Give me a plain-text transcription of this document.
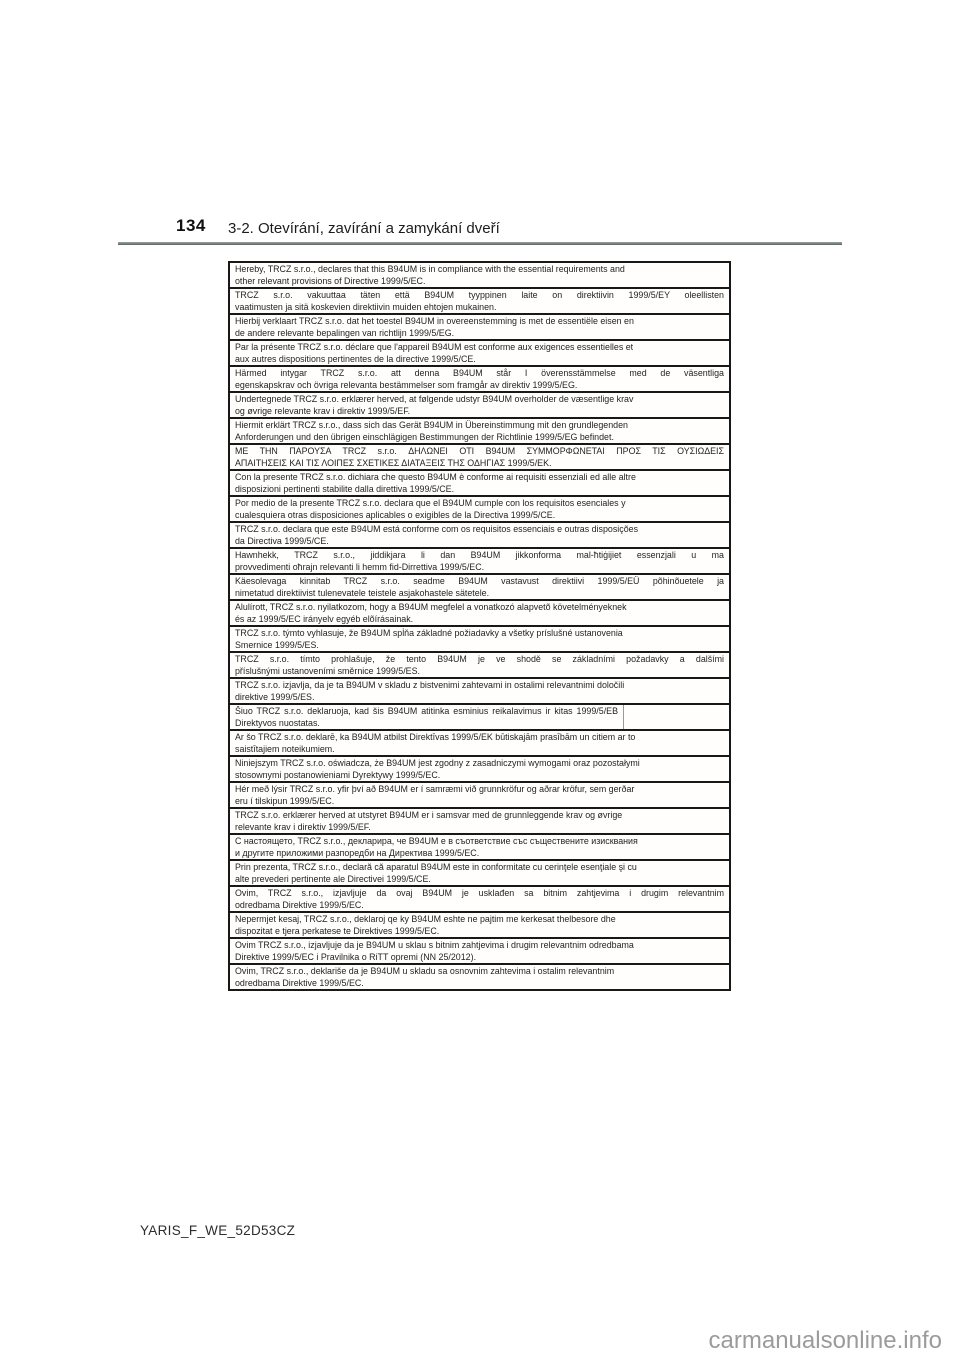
134 3-2. Otevírání, zavírání a zamykání dveří
Hereby, TRCZ s.r.o., declares that this B94UM is in compliance with the essential requirements and
other relevant provisions of Directive 1999/5/EC.
TRCZ s.r.o. vakuuttaa täten että B94UM tyyppinen laite on direktiivin 1999/5/EY oleellisten
vaatimusten ja sitä koskevien direktiivin muiden ehtojen mukainen.
Hierbij verklaart TRCZ s.r.o. dat het toestel B94UM in overeenstemming is met de essentiële eisen en
de andere relevante bepalingen van richtlijn 1999/5/EG.
Par la présente TRCZ s.r.o. déclare que l'appareil B94UM est conforme aux exigences essentielles et
aux autres dispositions pertinentes de la directive 1999/5/CE.
Härmed intygar TRCZ s.r.o. att denna B94UM står I överensstämmelse med de väsentliga
egenskapskrav och övriga relevanta bestämmelser som framgår av direktiv 1999/5/EG.
Undertegnede TRCZ s.r.o. erklærer herved, at følgende udstyr B94UM overholder de væsentlige krav
og øvrige relevante krav i direktiv 1999/5/EF.
Hiermit erklärt TRCZ s.r.o., dass sich das Gerät B94UM in Übereinstimmung mit den grundlegenden
Anforderungen und den übrigen einschlägigen Bestimmungen der Richtlinie 1999/5/EG befindet.
ΜΕ ΤΗΝ ΠΑΡΟΥΣΑ TRCZ s.r.o. ΔΗΛΩΝΕΙ ΟΤΙ B94UM ΣΥΜΜΟΡΦΩΝΕΤΑΙ ΠΡΟΣ ΤΙΣ ΟΥΣΙΩΔΕΙΣ
ΑΠΑΙΤΗΣΕΙΣ ΚΑΙ ΤΙΣ ΛΟΙΠΕΣ ΣΧΕΤΙΚΕΣ ΔΙΑΤΑΞΕΙΣ ΤΗΣ ΟΔΗΓΙΑΣ 1999/5/ΕΚ.
Con la presente TRCZ s.r.o. dichiara che questo B94UM è conforme ai requisiti essenziali ed alle altre
disposizioni pertinenti stabilite dalla direttiva 1999/5/CE.
Por medio de la presente TRCZ s.r.o. declara que el B94UM cumple con los requisitos esenciales y
cualesquiera otras disposiciones aplicables o exigibles de la Directiva 1999/5/CE.
TRCZ s.r.o. declara que este B94UM está conforme com os requisitos essenciais e outras disposições
da Directiva 1999/5/CE.
Hawnhekk, TRCZ s.r.o., jiddikjara li dan B94UM jikkonforma mal-ħtiġijiet essenzjali u ma
provvedimenti oħrajn relevanti li hemm fid-Dirrettiva 1999/5/EC.
Käesolevaga kinnitab TRCZ s.r.o. seadme B94UM vastavust direktiivi 1999/5/EÜ põhinõuetele ja
nimetatud direktiivist tulenevatele teistele asjakohastele sätetele.
Alulírott, TRCZ s.r.o. nyilatkozom, hogy a B94UM megfelel a vonatkozó alapvetõ követelményeknek
és az 1999/5/EC irányelv egyéb elõírásainak.
TRCZ s.r.o. týmto vyhlasuje, že B94UM spĺňa základné požiadavky a všetky príslušné ustanovenia
Smernice 1999/5/ES.
TRCZ s.r.o. tímto prohlašuje, že tento B94UM je ve shodě se základními požadavky a dalšími
příslušnými ustanoveními směrnice 1999/5/ES.
TRCZ s.r.o. izjavlja, da je ta B94UM v skladu z bistvenimi zahtevami in ostalimi relevantnimi določili
direktive 1999/5/ES.
Šiuo TRCZ s.r.o. deklaruoja, kad šis B94UM atitinka esminius reikalavimus ir kitas 1999/5/EB
Direktyvos nuostatas.
Ar šo TRCZ s.r.o. deklarē, ka B94UM atbilst Direktīvas 1999/5/EK būtiskajām prasībām un citiem ar to
saistītajiem noteikumiem.
Niniejszym TRCZ s.r.o. oświadcza, że B94UM jest zgodny z zasadniczymi wymogami oraz pozostałymi
stosownymi postanowieniami Dyrektywy 1999/5/EC.
Hér með lýsir TRCZ s.r.o. yfir því að B94UM er í samræmi við grunnkröfur og aðrar kröfur, sem gerðar
eru í tilskipun 1999/5/EC.
TRCZ s.r.o. erklærer herved at utstyret B94UM er i samsvar med de grunnleggende krav og øvrige
relevante krav i direktiv 1999/5/EF.
С настоящето, TRCZ s.r.o., декларира, че B94UM е в съответствие със съществените изисквания
и другите приложими разпоредби на Директива 1999/5/EC.
Prin prezenta, TRCZ s.r.o., declară că aparatul B94UM este in conformitate cu cerinţele esenţiale şi cu
alte prevederi pertinente ale Directivei 1999/5/CE.
Ovim, TRCZ s.r.o., izjavljuje da ovaj B94UM je usklađen sa bitnim zahtjevima i drugim relevantnim
odredbama Direktive 1999/5/EC.
Nepermjet kesaj, TRCZ s.r.o., deklaroj qe ky B94UM eshte ne pajtim me kerkesat thelbesore dhe
dispozitat e tjera perkatese te Direktives 1999/5/EC.
Ovim TRCZ s.r.o., izjavljuje da je B94UM u sklau s bitnim zahtjevima i drugim relevantnim odredbama
Direktive 1999/5/EC i Pravilnika o RiTT opremi (NN 25/2012).
Ovim, TRCZ s.r.o., deklariše da je B94UM u skladu sa osnovnim zahtevima i ostalim relevantnim
odredbama Direktive 1999/5/EC.
YARIS_F_WE_52D53CZ
carmanualsonline.info
